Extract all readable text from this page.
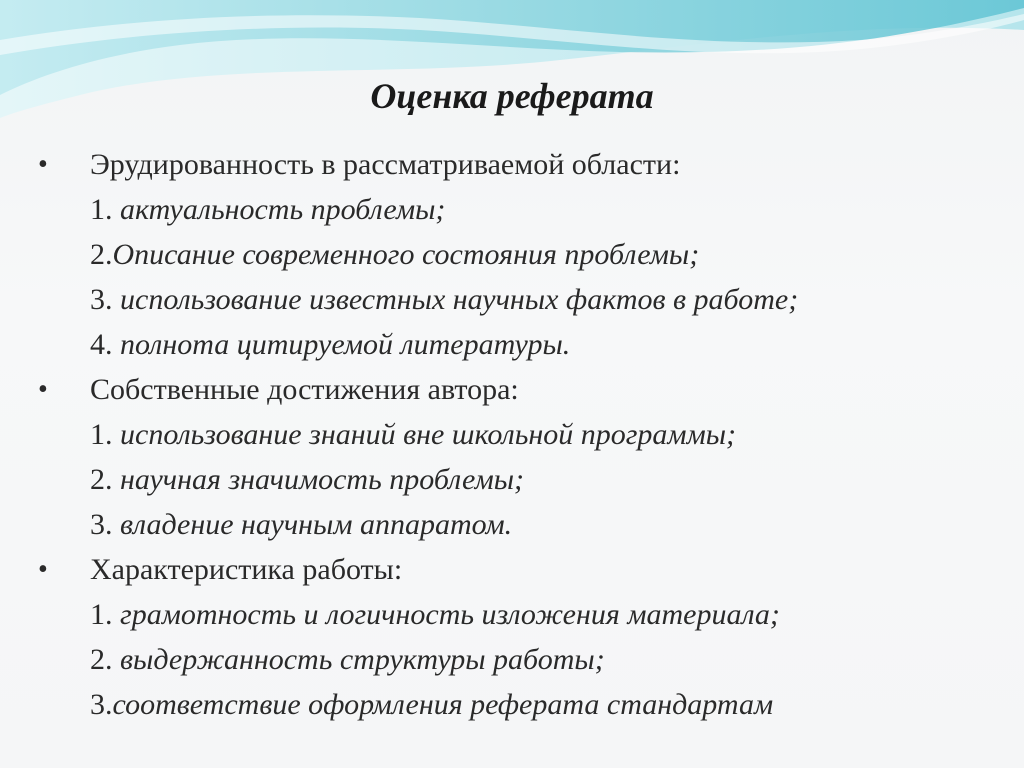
Оценка реферата
• Эрудированность в рассматриваемой области:
1. актуальность проблемы;
2.Описание современного состояния проблемы;
3. использование известных научных фактов в работе;
4. полнота цитируемой литературы.
• Собственные достижения автора:
1. использование знаний вне школьной программы;
2. научная значимость проблемы;
3. владение научным аппаратом.
• Характеристика работы:
1. грамотность и логичность изложения материала;
2. выдержанность структуры работы;
3.соответствие оформления реферата стандартам
